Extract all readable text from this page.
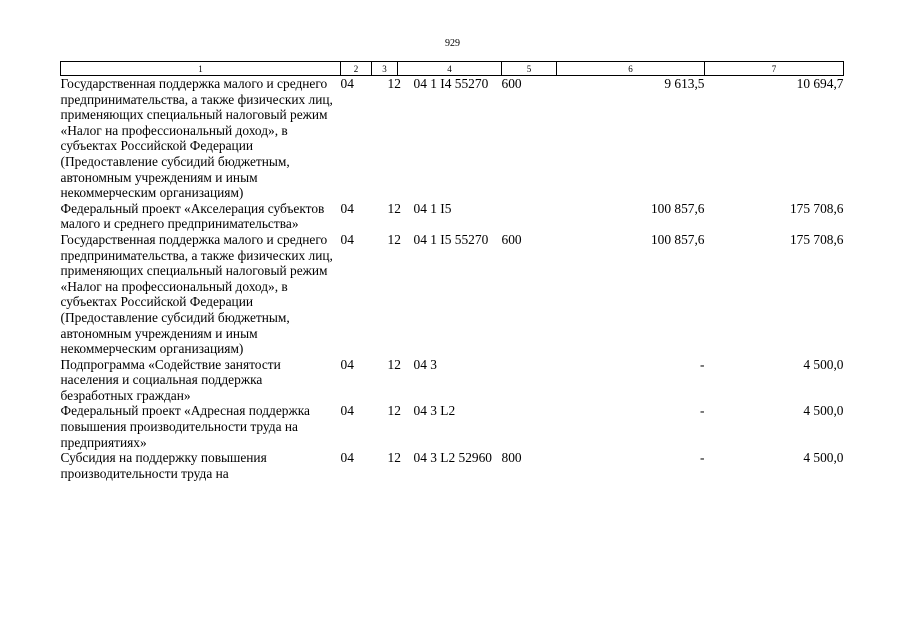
929
1	2	3	4	5	6	7
Государственная поддержка малого и среднего предпринимательства, а также физических лиц, применяющих специальный налоговый режим «Налог на профессиональный доход», в субъектах Российской Федерации (Предоставление субсидий бюджетным, автономным учреждениям и иным некоммерческим организациям)	04	12	04 1 I4 55270	600	9 613,5	10 694,7
Федеральный проект «Акселерация субъектов малого и среднего предпринимательства»	04	12	04 1 I5		100 857,6	175 708,6
Государственная поддержка малого и среднего предпринимательства, а также физических лиц, применяющих специальный налоговый режим «Налог на профессиональный доход», в субъектах Российской Федерации (Предоставление субсидий бюджетным, автономным учреждениям и иным некоммерческим организациям)	04	12	04 1 I5 55270	600	100 857,6	175 708,6
Подпрограмма «Содействие занятости населения и социальная поддержка безработных граждан»	04	12	04 3		-	4 500,0
Федеральный проект «Адресная поддержка повышения производительности труда на предприятиях»	04	12	04 3 L2		-	4 500,0
Субсидия на поддержку повышения производительности труда на	04	12	04 3 L2 52960	800	-	4 500,0
